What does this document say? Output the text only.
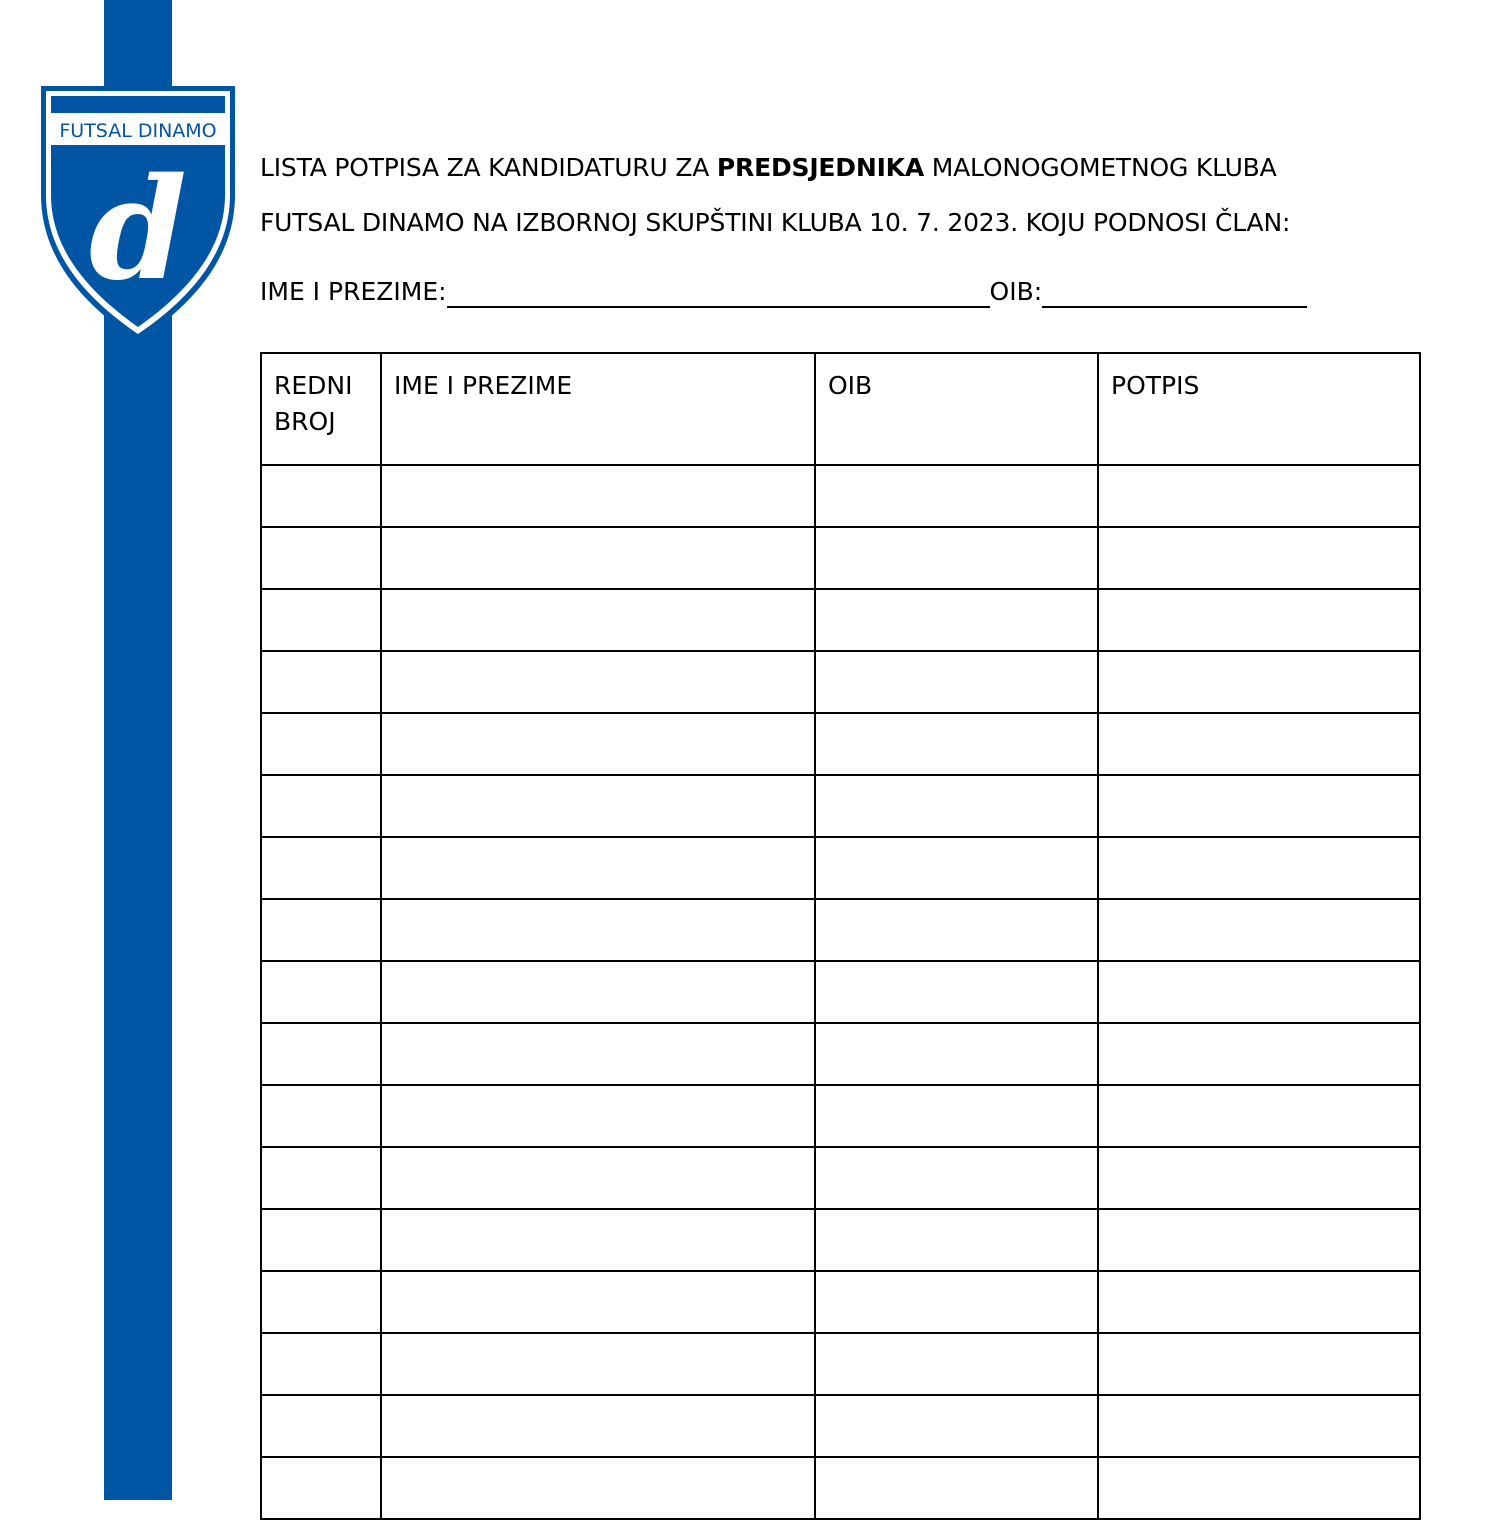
FUTSAL DINAMO
d	LISTA POTPISA ZA KANDIDATURU ZA PREDSJEDNIKA MALONOGOMETNOG KLUBA
FUTSAL DINAMO NA IZBORNOJ SKUPŠTINI KLUBA 10. 7. 2023. KOJU PODNOSI ČLAN:
IME I PREZIME:	OIB:
REDNI BROJ	IME I PREZIME	OIB	POTPIS
